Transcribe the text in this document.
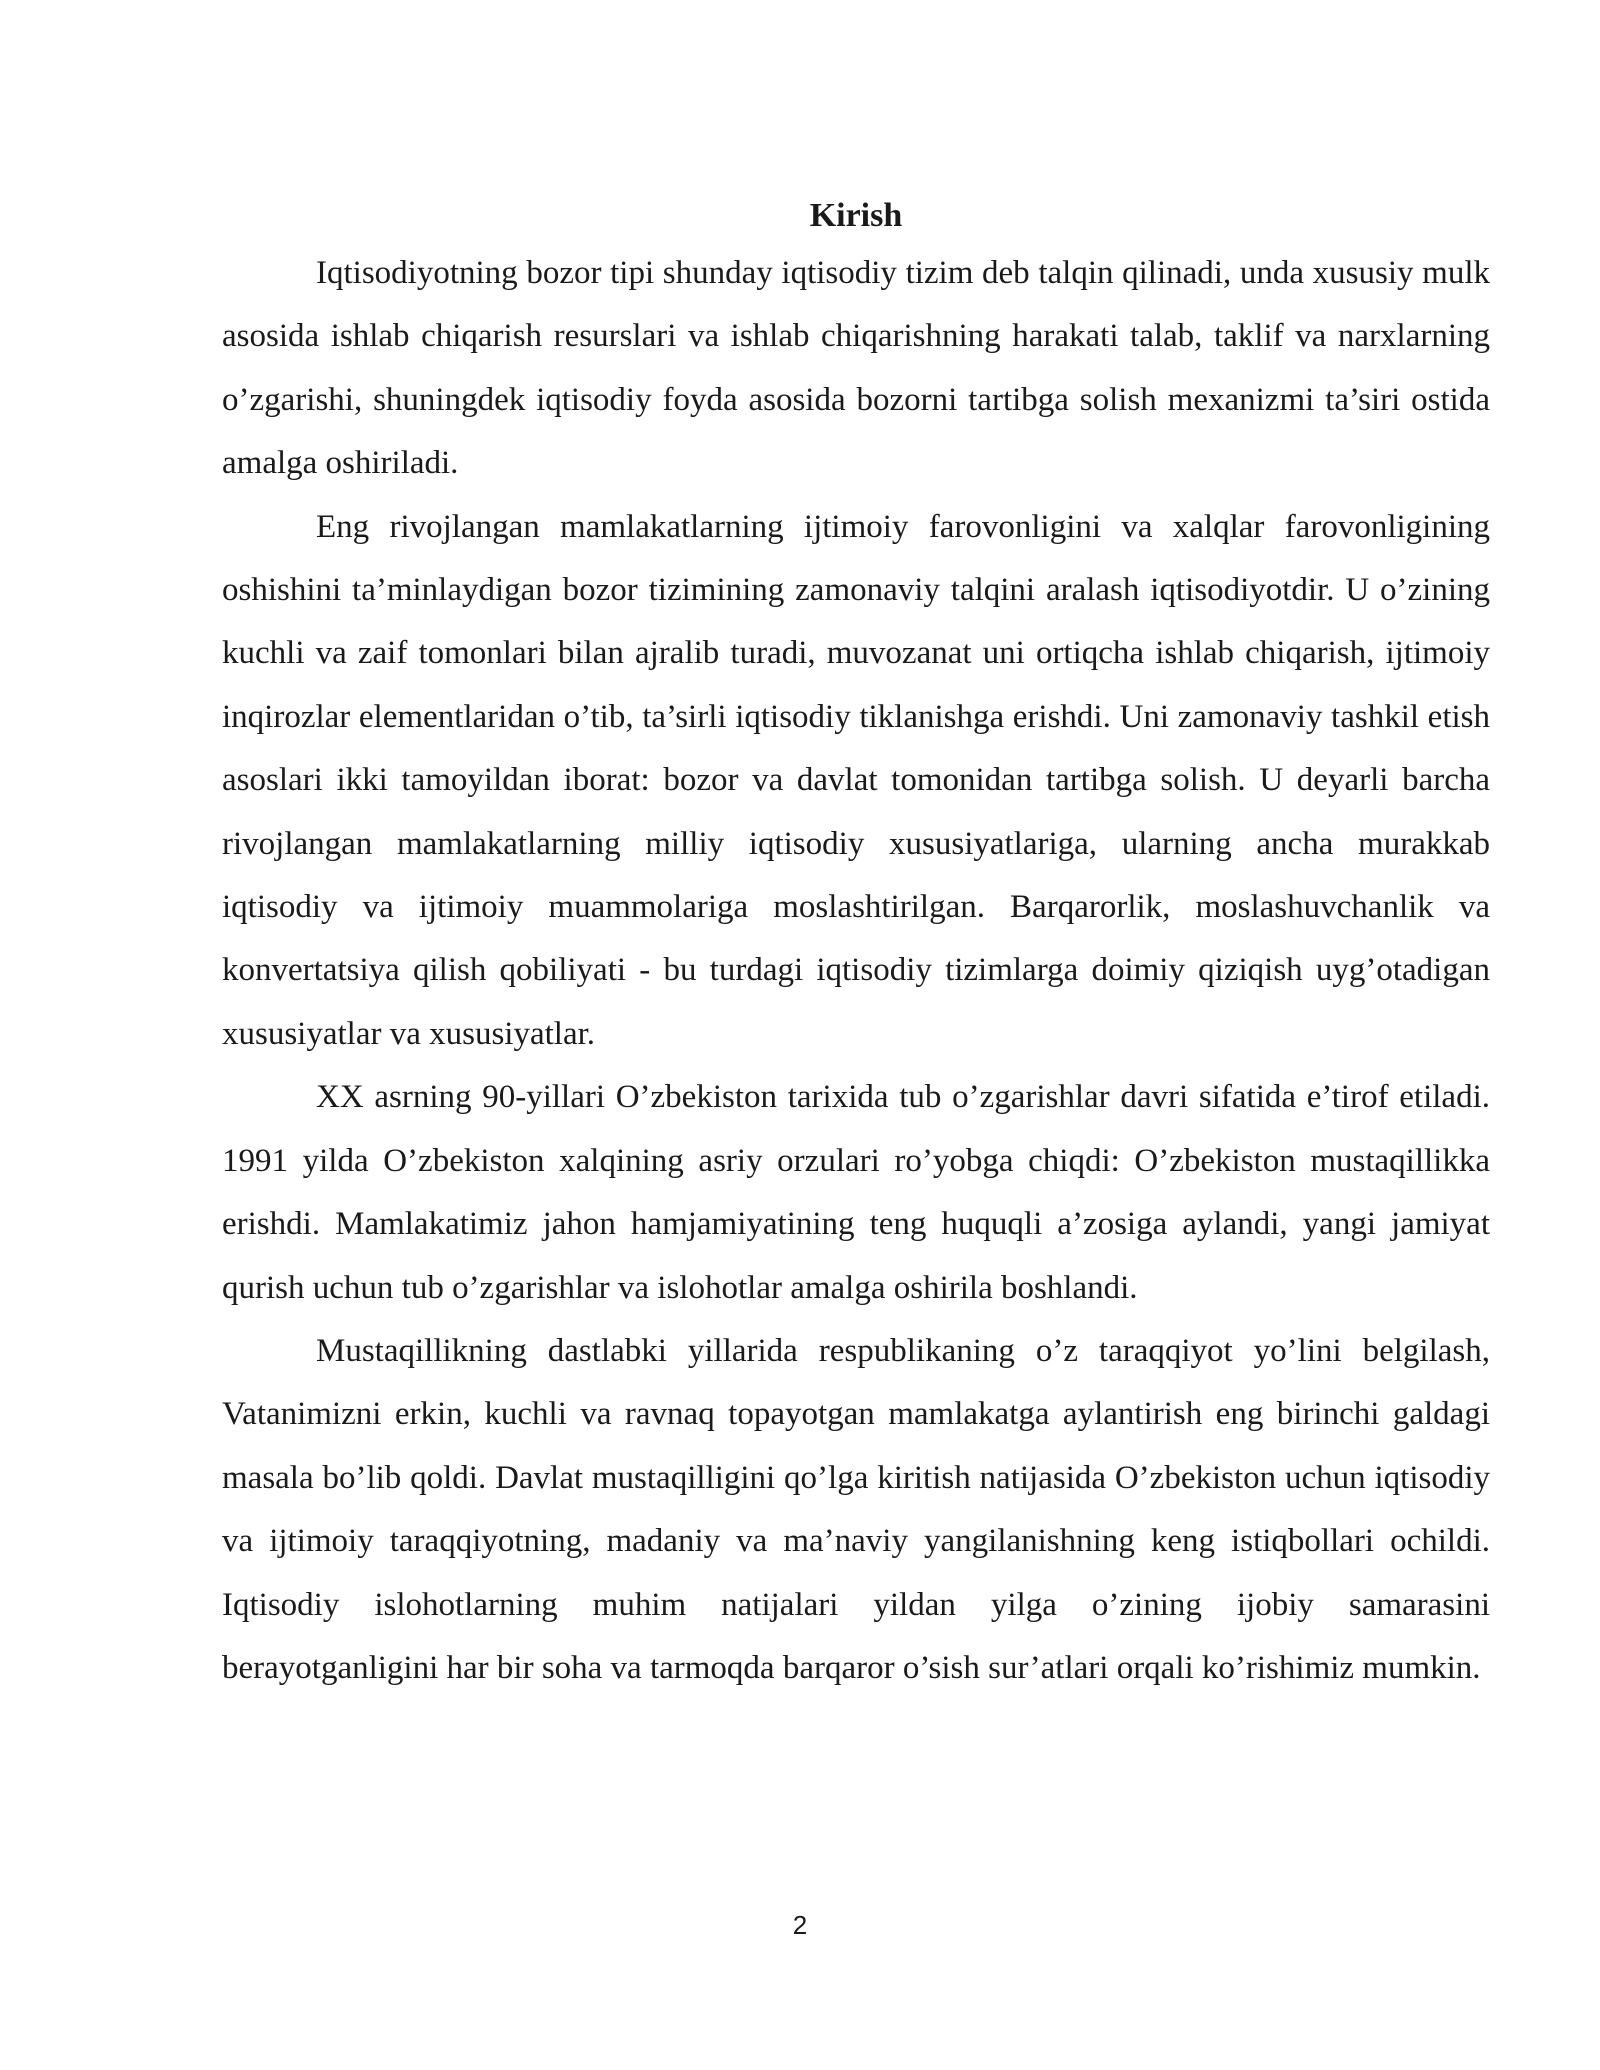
Kirish

Iqtisodiyotning bozor tipi shunday iqtisodiy tizim deb talqin qilinadi, unda xususiy mulk asosida ishlab chiqarish resurslari va ishlab chiqarishning harakati talab, taklif va narxlarning o’zgarishi, shuningdek iqtisodiy foyda asosida bozorni tartibga solish mexanizmi ta’siri ostida amalga oshiriladi.

Eng rivojlangan mamlakatlarning ijtimoiy farovonligini va xalqlar farovonligining oshishini ta’minlaydigan bozor tizimining zamonaviy talqini aralash iqtisodiyotdir. U o’zining kuchli va zaif tomonlari bilan ajralib turadi, muvozanat uni ortiqcha ishlab chiqarish, ijtimoiy inqirozlar elementlaridan o’tib, ta’sirli iqtisodiy tiklanishga erishdi. Uni zamonaviy tashkil etish asoslari ikki tamoyildan iborat: bozor va davlat tomonidan tartibga solish. U deyarli barcha rivojlangan mamlakatlarning milliy iqtisodiy xususiyatlariga, ularning ancha murakkab iqtisodiy va ijtimoiy muammolariga moslashtirilgan. Barqarorlik, moslashuvchanlik va konvertatsiya qilish qobiliyati - bu turdagi iqtisodiy tizimlarga doimiy qiziqish uyg’otadigan xususiyatlar va xususiyatlar.

XX asrning 90-yillari O’zbekiston tarixida tub o’zgarishlar davri sifatida e’tirof etiladi. 1991 yilda O’zbekiston xalqining asriy orzulari ro’yobga chiqdi: O’zbekiston mustaqillikka erishdi. Mamlakatimiz jahon hamjamiyatining teng huquqli a’zosiga aylandi, yangi jamiyat qurish uchun tub o’zgarishlar va islohotlar amalga oshirila boshlandi.

Mustaqillikning dastlabki yillarida respublikaning o’z taraqqiyot yo’lini belgilash, Vatanimizni erkin, kuchli va ravnaq topayotgan mamlakatga aylantirish eng birinchi galdagi masala bo’lib qoldi. Davlat mustaqilligini qo’lga kiritish natijasida O’zbekiston uchun iqtisodiy va ijtimoiy taraqqiyotning, madaniy va ma’naviy yangilanishning keng istiqbollari ochildi. Iqtisodiy islohotlarning muhim natijalari yildan yilga o’zining ijobiy samarasini berayotganligini har bir soha va tarmoqda barqaror o’sish sur’atlari orqali ko’rishimiz mumkin.

2
